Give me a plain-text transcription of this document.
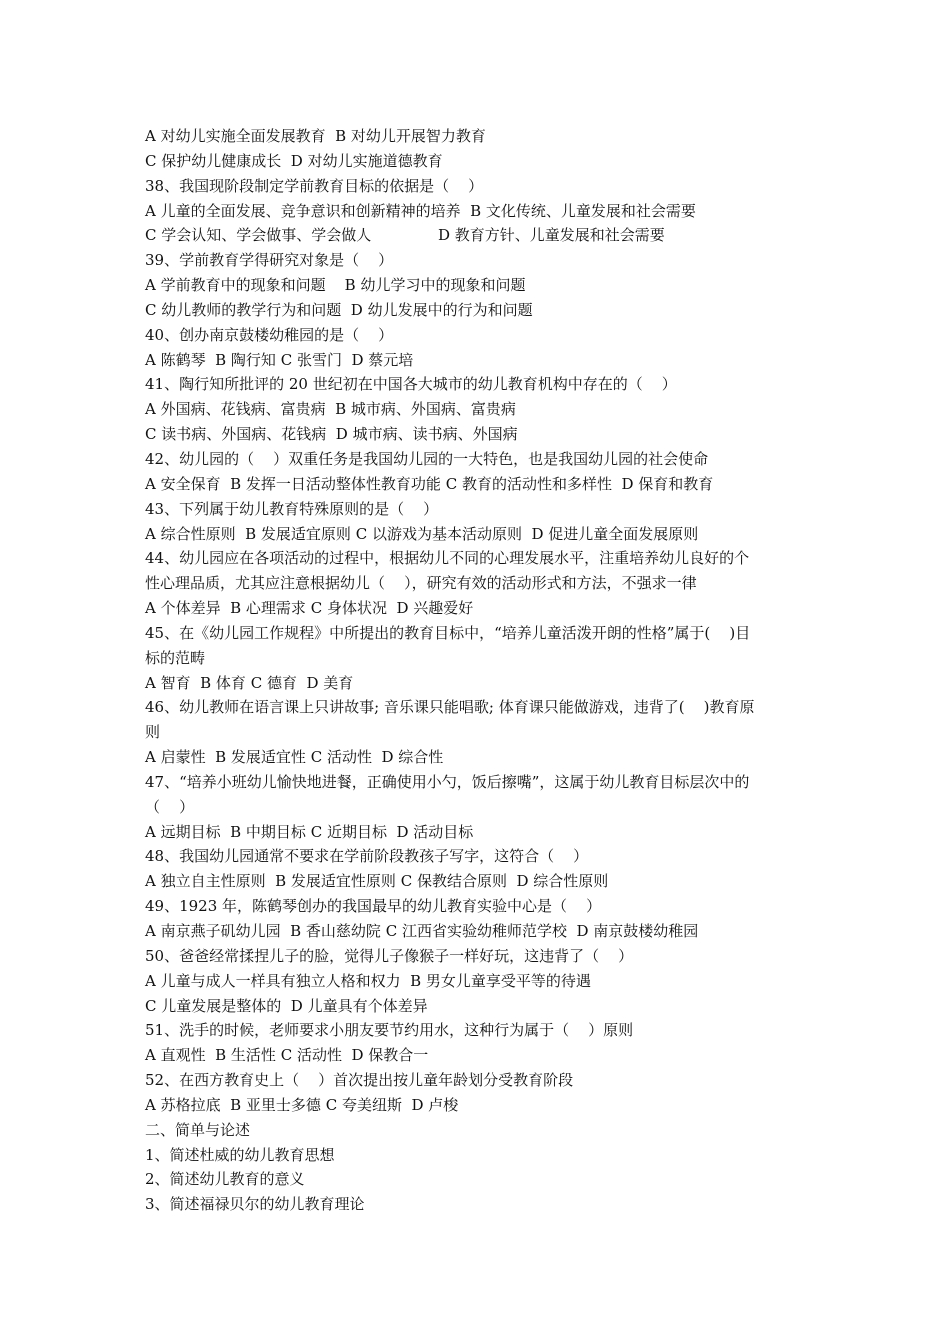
A 对幼儿实施全面发展教育  B 对幼儿开展智力教育
C 保护幼儿健康成长  D 对幼儿实施道德教育
38、我国现阶段制定学前教育目标的依据是（    ）
A 儿童的全面发展、竞争意识和创新精神的培养  B 文化传统、儿童发展和社会需要
C 学会认知、学会做事、学会做人              D 教育方针、儿童发展和社会需要
39、学前教育学得研究对象是（    ）
A 学前教育中的现象和问题    B 幼儿学习中的现象和问题
C 幼儿教师的教学行为和问题  D 幼儿发展中的行为和问题
40、创办南京鼓楼幼稚园的是（    ）
A 陈鹤琴  B 陶行知 C 张雪门  D 蔡元培
41、陶行知所批评的 20 世纪初在中国各大城市的幼儿教育机构中存在的（    ）
A 外国病、花钱病、富贵病  B 城市病、外国病、富贵病
C 读书病、外国病、花钱病  D 城市病、读书病、外国病
42、幼儿园的（    ）双重任务是我国幼儿园的一大特色，也是我国幼儿园的社会使命
A 安全保育  B 发挥一日活动整体性教育功能 C 教育的活动性和多样性  D 保育和教育
43、下列属于幼儿教育特殊原则的是（    ）
A 综合性原则  B 发展适宜原则 C 以游戏为基本活动原则  D 促进儿童全面发展原则
44、幼儿园应在各项活动的过程中，根据幼儿不同的心理发展水平，注重培养幼儿良好的个
性心理品质，尤其应注意根据幼儿（    ），研究有效的活动形式和方法，不强求一律
A 个体差异  B 心理需求 C 身体状况  D 兴趣爱好
45、在《幼儿园工作规程》中所提出的教育目标中，“培养儿童活泼开朗的性格”属于(    )目
标的范畴
A 智育  B 体育 C 德育  D 美育
46、幼儿教师在语言课上只讲故事; 音乐课只能唱歌; 体育课只能做游戏，违背了(    )教育原
则
A 启蒙性  B 发展适宜性 C 活动性  D 综合性
47、“培养小班幼儿愉快地进餐，正确使用小勺，饭后擦嘴”，这属于幼儿教育目标层次中的
（    ）
A 远期目标  B 中期目标 C 近期目标  D 活动目标
48、我国幼儿园通常不要求在学前阶段教孩子写字，这符合（    ）
A 独立自主性原则  B 发展适宜性原则 C 保教结合原则  D 综合性原则
49、1923 年，陈鹤琴创办的我国最早的幼儿教育实验中心是（    ）
A 南京燕子矶幼儿园  B 香山慈幼院 C 江西省实验幼稚师范学校  D 南京鼓楼幼稚园
50、爸爸经常揉捏儿子的脸，觉得儿子像猴子一样好玩，这违背了（    ）
A 儿童与成人一样具有独立人格和权力  B 男女儿童享受平等的待遇
C 儿童发展是整体的  D 儿童具有个体差异
51、洗手的时候，老师要求小朋友要节约用水，这种行为属于（    ）原则
A 直观性  B 生活性 C 活动性  D 保教合一
52、在西方教育史上（    ）首次提出按儿童年龄划分受教育阶段
A 苏格拉底  B 亚里士多德 C 夸美纽斯  D 卢梭
二、简单与论述
1、简述杜威的幼儿教育思想
2、简述幼儿教育的意义
3、简述福禄贝尔的幼儿教育理论
